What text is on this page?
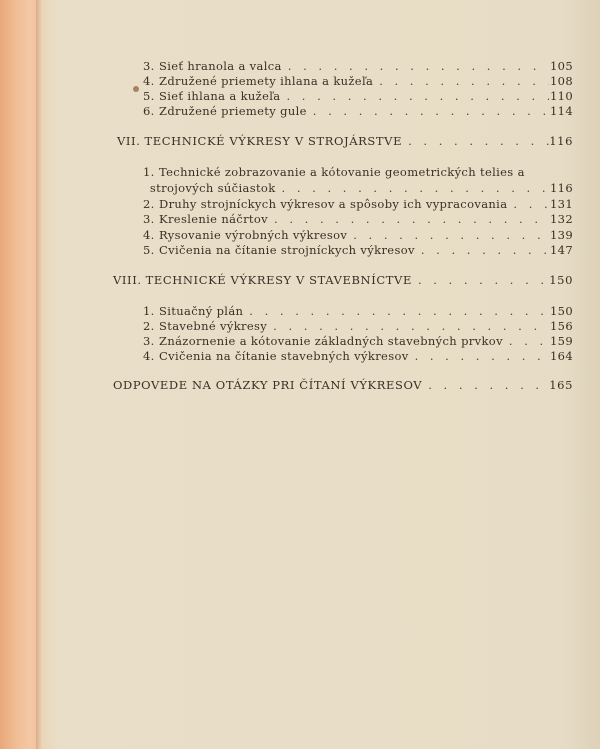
3. Sieť hranola a valca . . .	105
4. Združené priemety ihlana a kužeľa . . .	108
5. Sieť ihlana a kužeľa . . .	110
6. Združené priemety gule . . .	114
VII. TECHNICKÉ VÝKRESY V STROJÁRSTVE . . .	116
1. Technické zobrazovanie a kótovanie geometrických telies a
strojových súčiastok . . .	116
2. Druhy strojníckych výkresov a spôsoby ich vypracovania . . .	131
3. Kreslenie náčrtov . . .	132
4. Rysovanie výrobných výkresov . . .	139
5. Cvičenia na čítanie strojníckych výkresov . . .	147
VIII. TECHNICKÉ VÝKRESY V STAVEBNÍCTVE . . .	150
1. Situačný plán . . .	150
2. Stavebné výkresy . . .	156
3. Znázornenie a kótovanie základných stavebných prvkov . . .	159
4. Cvičenia na čítanie stavebných výkresov . . .	164
ODPOVEDE NA OTÁZKY PRI ČÍTANÍ VÝKRESOV . . .	165
